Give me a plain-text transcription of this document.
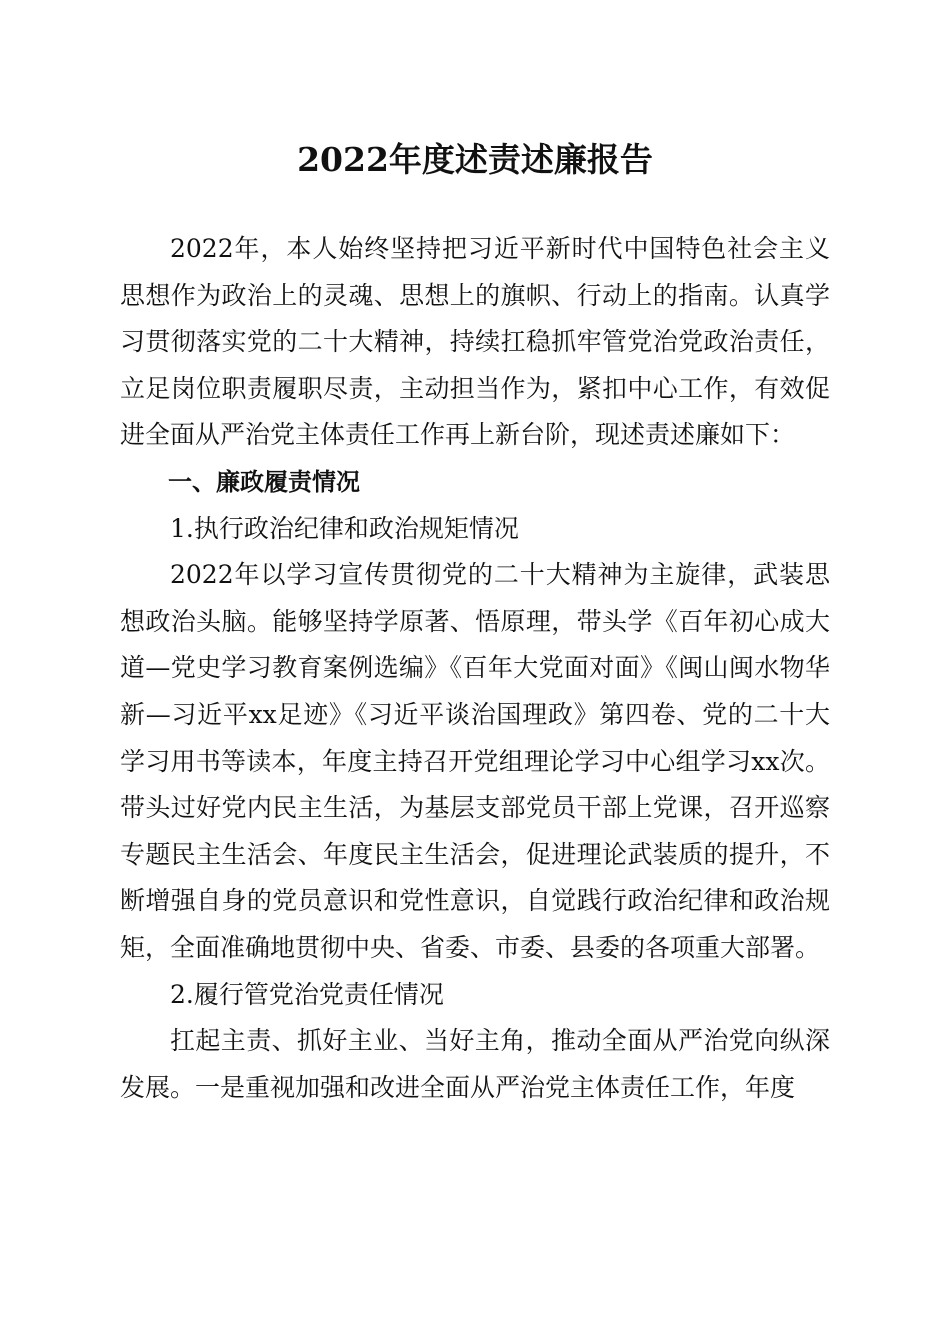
2022年度述责述廉报告

2022年，本人始终坚持把习近平新时代中国特色社会主义思想作为政治上的灵魂、思想上的旗帜、行动上的指南。认真学习贯彻落实党的二十大精神，持续扛稳抓牢管党治党政治责任，立足岗位职责履职尽责，主动担当作为，紧扣中心工作，有效促进全面从严治党主体责任工作再上新台阶，现述责述廉如下：

一、廉政履责情况

1.执行政治纪律和政治规矩情况

2022年以学习宣传贯彻党的二十大精神为主旋律，武装思想政治头脑。能够坚持学原著、悟原理，带头学《百年初心成大道—党史学习教育案例选编》《百年大党面对面》《闽山闽水物华新—习近平xx足迹》《习近平谈治国理政》第四卷、党的二十大学习用书等读本，年度主持召开党组理论学习中心组学习xx次。带头过好党内民主生活，为基层支部党员干部上党课，召开巡察专题民主生活会、年度民主生活会，促进理论武装质的提升，不断增强自身的党员意识和党性意识，自觉践行政治纪律和政治规矩，全面准确地贯彻中央、省委、市委、县委的各项重大部署。

2.履行管党治党责任情况

扛起主责、抓好主业、当好主角，推动全面从严治党向纵深发展。一是重视加强和改进全面从严治党主体责任工作，年度
